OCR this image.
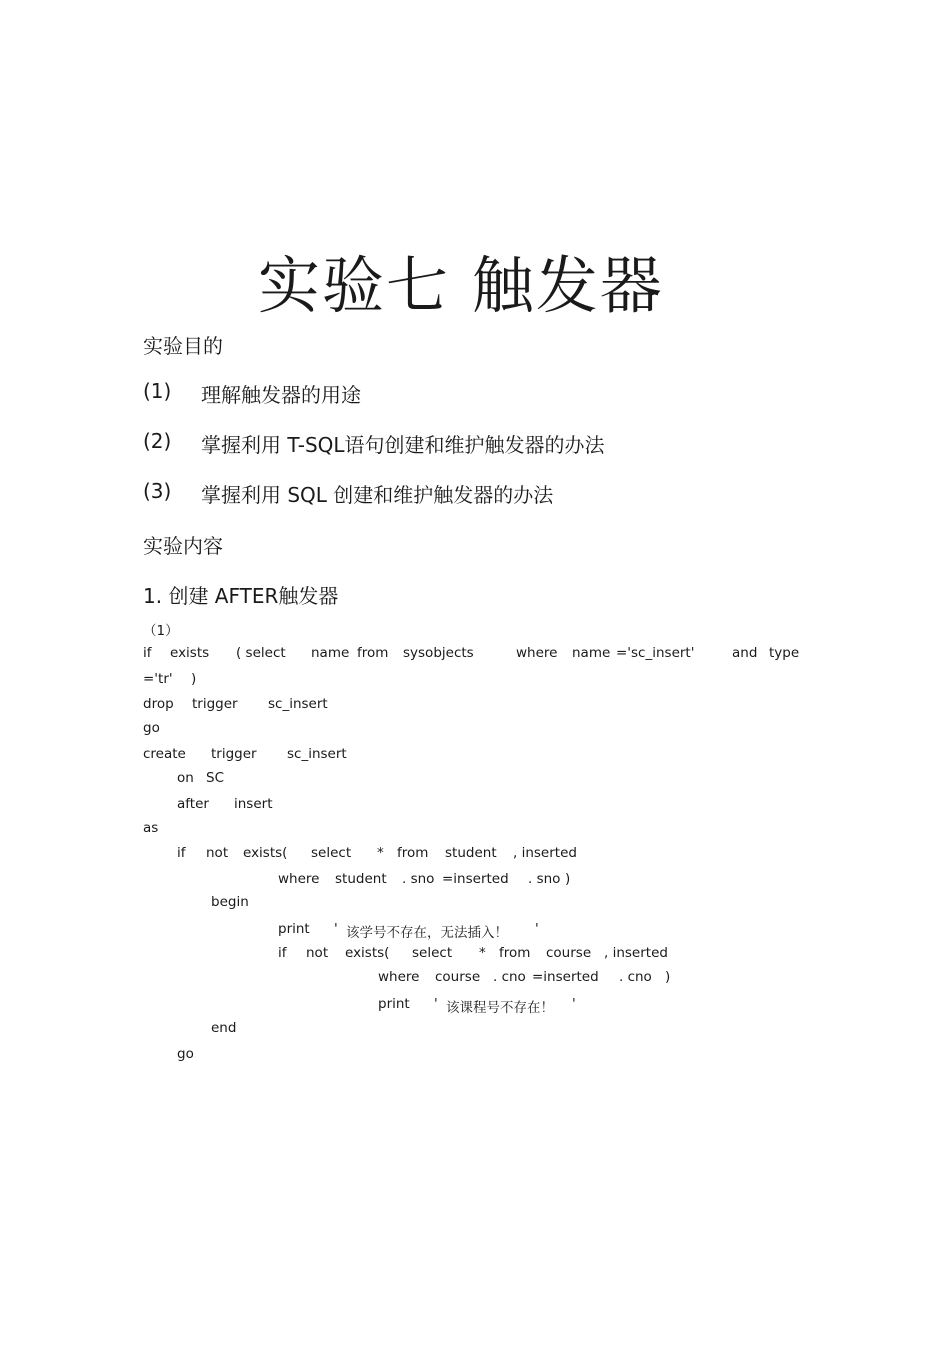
实验七 触发器
实验目的
(1) 理解触发器的用途
(2) 掌握利用 T-SQL语句创建和维护触发器的办法
(3) 掌握利用 SQL 创建和维护触发器的办法
实验内容
1. 创建 AFTER触发器
（1）
if exists ( select name from sysobjects	where name ='sc_insert'	and type
='tr' )
drop trigger sc_insert
go
create trigger sc_insert
on SC
after insert
as
if not exists( select * from student , inserted
where student . sno =inserted . sno )
begin
print ' 该学号不存在，无法插入！ '
if not exists( select * from course , inserted
where course . cno =inserted . cno )
print ' 该课程号不存在！ '
end
go
